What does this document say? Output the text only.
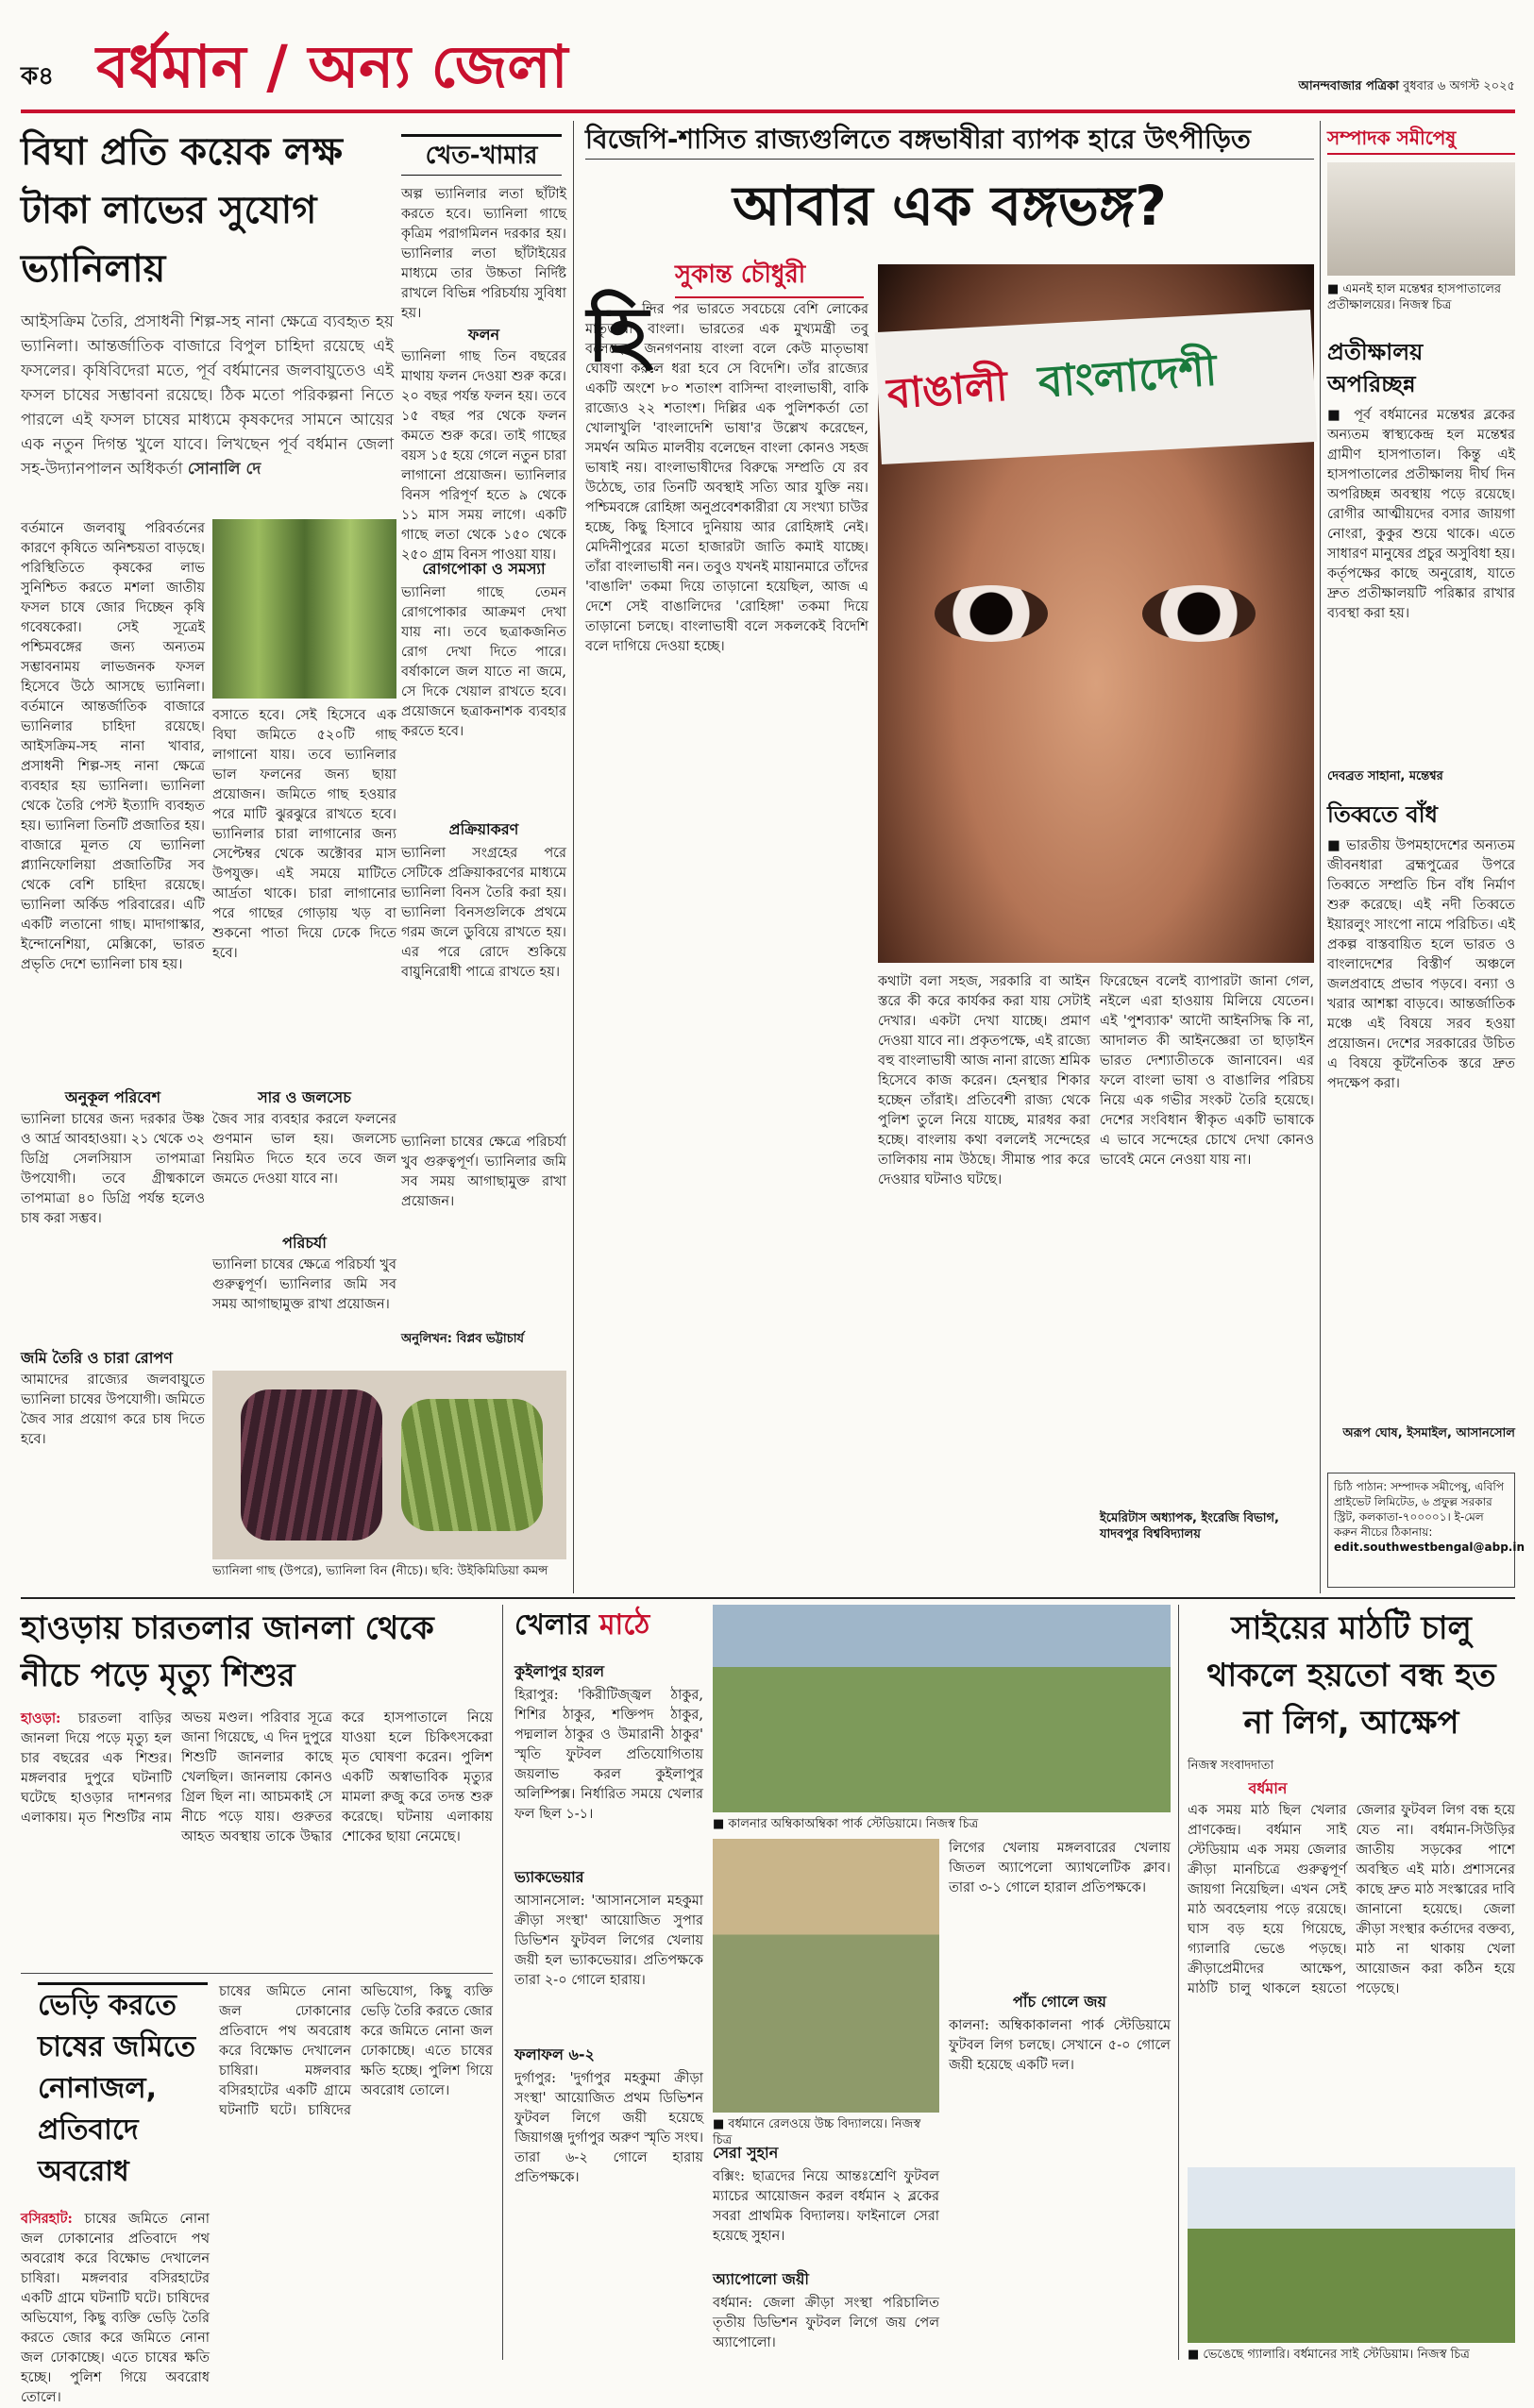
ক৪ বর্ধমান / অন্য জেলা	আনন্দবাজার পত্রিকা বুধবার ৬ অগস্ট ২০২৫
বিঘা প্রতি কয়েক লক্ষ টাকা লাভের সুযোগ ভ্যানিলায়
খেত-খামার
অল্প ভ্যানিলার লতা ছাঁটাই করতে হবে। ভ্যানিলা গাছে কৃত্রিম পরাগমিলন দরকার হয়। ভ্যানিলার লতা ছাঁটাইয়ের মাধ্যমে তার উচ্চতা নির্দিষ্ট রাখলে বিভিন্ন পরিচর্যায় সুবিধা হয়।
ফলন
ভ্যানিলা গাছ তিন বছরের মাথায় ফলন দেওয়া শুরু করে। ২০ বছর পর্যন্ত ফলন হয়। তবে ১৫ বছর পর থেকে ফলন কমতে শুরু করে। তাই গাছের বয়স ১৫ হয়ে গেলে নতুন চারা লাগানো প্রয়োজন। ভ্যানিলার বিনস পরিপূর্ণ হতে ৯ থেকে ১১ মাস সময় লাগে। একটি গাছে লতা থেকে ১৫০ থেকে ২৫০ গ্রাম বিনস পাওয়া যায়।
রোগপোকা ও সমস্যা
ভ্যানিলা গাছে তেমন রোগপোকার আক্রমণ দেখা যায় না। তবে ছত্রাকজনিত রোগ দেখা দিতে পারে। বর্ষাকালে জল যাতে না জমে, সে দিকে খেয়াল রাখতে হবে। প্রয়োজনে ছত্রাকনাশক ব্যবহার করতে হবে।
প্রক্রিয়াকরণ
ভ্যানিলা সংগ্রহের পরে সেটিকে প্রক্রিয়াকরণের মাধ্যমে ভ্যানিলা বিনস তৈরি করা হয়। ভ্যানিলা বিনসগুলিকে প্রথমে গরম জলে ডুবিয়ে রাখতে হয়। এর পরে রোদে শুকিয়ে বায়ুনিরোধী পাত্রে রাখতে হয়।
ভ্যানিলা চাষের ক্ষেত্রে পরিচর্যা খুব গুরুত্বপূর্ণ। ভ্যানিলার জমি সব সময় আগাছামুক্ত রাখা প্রয়োজন।
অনুলিখন: বিপ্লব ভট্টাচার্য
আইসক্রিম তৈরি, প্রসাধনী শিল্প-সহ নানা ক্ষেত্রে ব্যবহৃত হয় ভ্যানিলা। আন্তর্জাতিক বাজারে বিপুল চাহিদা রয়েছে এই ফসলের। কৃষিবিদেরা মতে, পূর্ব বর্ধমানের জলবায়ুতেও এই ফসল চাষের সম্ভাবনা রয়েছে। ঠিক মতো পরিকল্পনা নিতে পারলে এই ফসল চাষের মাধ্যমে কৃষকদের সামনে আয়ের এক নতুন দিগন্ত খুলে যাবে। লিখছেন পূর্ব বর্ধমান জেলা সহ-উদ্যানপালন অধিকর্তা সোনালি দে
বর্তমানে জলবায়ু পরিবর্তনের কারণে কৃষিতে অনিশ্চয়তা বাড়ছে। পরিস্থিতিতে কৃষকের লাভ সুনিশ্চিত করতে মশলা জাতীয় ফসল চাষে জোর দিচ্ছেন কৃষি গবেষকেরা। সেই সূত্রেই পশ্চিমবঙ্গের জন্য অন্যতম সম্ভাবনাময় লাভজনক ফসল হিসেবে উঠে আসছে ভ্যানিলা। বর্তমানে আন্তর্জাতিক বাজারে ভ্যানিলার চাহিদা রয়েছে। আইসক্রিম-সহ নানা খাবার, প্রসাধনী শিল্প-সহ নানা ক্ষেত্রে ব্যবহার হয় ভ্যানিলা। ভ্যানিলা থেকে তৈরি পেস্ট ইত্যাদি ব্যবহৃত হয়। ভ্যানিলা তিনটি প্রজাতির হয়। বাজারে মূলত যে ভ্যানিলা প্ল্যানিফোলিয়া প্রজাতিটির সব থেকে বেশি চাহিদা রয়েছে। ভ্যানিলা অর্কিড পরিবারের। এটি একটি লতানো গাছ। মাদাগাস্কার, ইন্দোনেশিয়া, মেক্সিকো, ভারত প্রভৃতি দেশে ভ্যানিলা চাষ হয়।
বসাতে হবে। সেই হিসেবে এক বিঘা জমিতে ৫২০টি গাছ লাগানো যায়। তবে ভ্যানিলার ভাল ফলনের জন্য ছায়া প্রয়োজন। জমিতে গাছ হওয়ার পরে মাটি ঝুরঝুরে রাখতে হবে। ভ্যানিলার চারা লাগানোর জন্য সেপ্টেম্বর থেকে অক্টোবর মাস উপযুক্ত। এই সময়ে মাটিতে আর্দ্রতা থাকে। চারা লাগানোর পরে গাছের গোড়ায় খড় বা শুকনো পাতা দিয়ে ঢেকে দিতে হবে।
অনুকূল পরিবেশ
ভ্যানিলা চাষের জন্য দরকার উষ্ণ ও আর্দ্র আবহাওয়া। ২১ থেকে ৩২ ডিগ্রি সেলসিয়াস তাপমাত্রা উপযোগী। তবে গ্রীষ্মকালে তাপমাত্রা ৪০ ডিগ্রি পর্যন্ত হলেও চাষ করা সম্ভব।
সার ও জলসেচ
জৈব সার ব্যবহার করলে ফলনের গুণমান ভাল হয়। জলসেচ নিয়মিত দিতে হবে তবে জল জমতে দেওয়া যাবে না।
পরিচর্যা
ভ্যানিলা চাষের ক্ষেত্রে পরিচর্যা খুব গুরুত্বপূর্ণ। ভ্যানিলার জমি সব সময় আগাছামুক্ত রাখা প্রয়োজন।
জমি তৈরি ও চারা রোপণ
আমাদের রাজ্যের জলবায়ুতে ভ্যানিলা চাষের উপযোগী। জমিতে জৈব সার প্রয়োগ করে চাষ দিতে হবে।
ভ্যানিলা গাছ (উপরে), ভ্যানিলা বিন (নীচে)। ছবি: উইকিমিডিয়া কমন্স
বিজেপি-শাসিত রাজ্যগুলিতে বঙ্গভাষীরা ব্যাপক হারে উৎপীড়িত
আবার এক বঙ্গভঙ্গ?
সুকান্ত চৌধুরী
হি
ন্দির পর ভারতে সবচেয়ে বেশি লোকের মাতৃভাষা বাংলা। ভারতের এক মুখ্যমন্ত্রী তবু বলেছেন, জনগণনায় বাংলা বলে কেউ মাতৃভাষা ঘোষণা করলে ধরা হবে সে বিদেশি। তাঁর রাজ্যের একটি অংশে ৮০ শতাংশ বাসিন্দা বাংলাভাষী, বাকি রাজ্যেও ২২ শতাংশ। দিল্লির এক পুলিশকর্তা তো খোলাখুলি 'বাংলাদেশি ভাষা'র উল্লেখ করেছেন, সমর্থন অমিত মালবীয় বলেছেন বাংলা কোনও সহজ ভাষাই নয়। বাংলাভাষীদের বিরুদ্ধে সম্প্রতি যে রব উঠেছে, তার তিনটি অবস্থাই সত্যি আর যুক্তি নয়। পশ্চিমবঙ্গে রোহিঙ্গা অনুপ্রবেশকারীরা যে সংখ্যা চাউর হচ্ছে, কিছু হিসাবে দুনিয়ায় আর রোহিঙ্গাই নেই। মেদিনীপুরের মতো হাজারটা জাতি কমাই যাচ্ছে। তাঁরা বাংলাভাষী নন। তবুও যখনই মায়ানমারে তাঁদের 'বাঙালি' তকমা দিয়ে তাড়ানো হয়েছিল, আজ এ দেশে সেই বাঙালিদের 'রোহিঙ্গা' তকমা দিয়ে তাড়ানো চলছে। বাংলাভাষী বলে সকলকেই বিদেশি বলে দাগিয়ে দেওয়া হচ্ছে।
বাঙালী বাংলাদেশী
কথাটা বলা সহজ, সরকারি বা আইন স্তরে কী করে কার্যকর করা যায় সেটাই দেখার। একটা দেখা যাচ্ছে। প্রমাণ দেওয়া যাবে না। প্রকৃতপক্ষে, এই রাজ্যে বহু বাংলাভাষী আজ নানা রাজ্যে শ্রমিক হিসেবে কাজ করেন। হেনস্থার শিকার হচ্ছেন তাঁরাই। প্রতিবেশী রাজ্য থেকে পুলিশ তুলে নিয়ে যাচ্ছে, মারধর করা হচ্ছে। বাংলায় কথা বললেই সন্দেহের তালিকায় নাম উঠছে। সীমান্ত পার করে দেওয়ার ঘটনাও ঘটছে।
ফিরেছেন বলেই ব্যাপারটা জানা গেল, নইলে এরা হাওয়ায় মিলিয়ে যেতেন। এই 'পুশব্যাক' আদৌ আইনসিদ্ধ কি না, আদালত কী আইনজ্ঞেরা তা ছাড়াইন ভারত দেশ্যাতীতকে জানাবেন। এর ফলে বাংলা ভাষা ও বাঙালির পরিচয় নিয়ে এক গভীর সংকট তৈরি হয়েছে। দেশের সংবিধান স্বীকৃত একটি ভাষাকে এ ভাবে সন্দেহের চোখে দেখা কোনও ভাবেই মেনে নেওয়া যায় না।
ইমেরিটাস অধ্যাপক, ইংরেজি বিভাগ, যাদবপুর বিশ্ববিদ্যালয়
সম্পাদক সমীপেষু
■ এমনই হাল মন্তেশ্বর হাসপাতালের প্রতীক্ষালয়ের। নিজস্ব চিত্র
প্রতীক্ষালয় অপরিচ্ছন্ন
■ পূর্ব বর্ধমানের মন্তেশ্বর ব্লকের অন্যতম স্বাস্থ্যকেন্দ্র হল মন্তেশ্বর গ্রামীণ হাসপাতাল। কিন্তু এই হাসপাতালের প্রতীক্ষালয় দীর্ঘ দিন অপরিচ্ছন্ন অবস্থায় পড়ে রয়েছে। রোগীর আত্মীয়দের বসার জায়গা নোংরা, কুকুর শুয়ে থাকে। এতে সাধারণ মানুষের প্রচুর অসুবিধা হয়। কর্তৃপক্ষের কাছে অনুরোধ, যাতে দ্রুত প্রতীক্ষালয়টি পরিষ্কার রাখার ব্যবস্থা করা হয়।
দেবব্রত সাহানা, মন্তেশ্বর
তিব্বতে বাঁধ
■ ভারতীয় উপমহাদেশের অন্যতম জীবনধারা ব্রহ্মপুত্রের উপরে তিব্বতে সম্প্রতি চিন বাঁধ নির্মাণ শুরু করেছে। এই নদী তিব্বতে ইয়ারলুং সাংপো নামে পরিচিত। এই প্রকল্প বাস্তবায়িত হলে ভারত ও বাংলাদেশের বিস্তীর্ণ অঞ্চলে জলপ্রবাহে প্রভাব পড়বে। বন্যা ও খরার আশঙ্কা বাড়বে। আন্তর্জাতিক মঞ্চে এই বিষয়ে সরব হওয়া প্রয়োজন। দেশের সরকারের উচিত এ বিষয়ে কূটনৈতিক স্তরে দ্রুত পদক্ষেপ করা।
অরূপ ঘোষ, ইসমাইল, আসানসোল
চিঠি পাঠান: সম্পাদক সমীপেষু, এবিপি প্রাইভেট লিমিটেড, ৬ প্রফুল্ল সরকার স্ট্রিট, কলকাতা-৭০০০০১। ই-মেল করুন নীচের ঠিকানায়:
edit.southwestbengal@abp.in
হাওড়ায় চারতলার জানলা থেকে নীচে পড়ে মৃত্যু শিশুর
হাওড়া: চারতলা বাড়ির জানলা দিয়ে পড়ে মৃত্যু হল চার বছরের এক শিশুর। মঙ্গলবার দুপুরে ঘটনাটি ঘটেছে হাওড়ার দাশনগর এলাকায়। মৃত শিশুটির নাম অভয় মণ্ডল। পরিবার সূত্রে জানা গিয়েছে, এ দিন দুপুরে শিশুটি জানলার কাছে খেলছিল। জানলায় কোনও গ্রিল ছিল না। আচমকাই সে নীচে পড়ে যায়। গুরুতর আহত অবস্থায় তাকে উদ্ধার করে হাসপাতালে নিয়ে যাওয়া হলে চিকিৎসকেরা মৃত ঘোষণা করেন। পুলিশ একটি অস্বাভাবিক মৃত্যুর মামলা রুজু করে তদন্ত শুরু করেছে। ঘটনায় এলাকায় শোকের ছায়া নেমেছে।
ভেড়ি করতে চাষের জমিতে নোনাজল, প্রতিবাদে অবরোধ
বসিরহাট: চাষের জমিতে নোনা জল ঢোকানোর প্রতিবাদে পথ অবরোধ করে বিক্ষোভ দেখালেন চাষিরা। মঙ্গলবার বসিরহাটের একটি গ্রামে ঘটনাটি ঘটে। চাষিদের অভিযোগ, কিছু ব্যক্তি ভেড়ি তৈরি করতে জোর করে জমিতে নোনা জল ঢোকাচ্ছে। এতে চাষের ক্ষতি হচ্ছে। পুলিশ গিয়ে অবরোধ তোলে।
চাষের জমিতে নোনা জল ঢোকানোর প্রতিবাদে পথ অবরোধ করে বিক্ষোভ দেখালেন চাষিরা। মঙ্গলবার বসিরহাটের একটি গ্রামে ঘটনাটি ঘটে। চাষিদের অভিযোগ, কিছু ব্যক্তি ভেড়ি তৈরি করতে জোর করে জমিতে নোনা জল ঢোকাচ্ছে। এতে চাষের ক্ষতি হচ্ছে। পুলিশ গিয়ে অবরোধ তোলে।
খেলার মাঠে
কুইলাপুর হারল
হিরাপুর: 'কিরীটিজ্জ্বল ঠাকুর, শিশির ঠাকুর, শক্তিপদ ঠাকুর, পদ্মলাল ঠাকুর ও উমারানী ঠাকুর' স্মৃতি ফুটবল প্রতিযোগিতায় জয়লাভ করল কুইলাপুর অলিম্পিক্স। নির্ধারিত সময়ে খেলার ফল ছিল ১-১।
ভ্যাকভেয়ার
আসানসোল: 'আসানসোল মহকুমা ক্রীড়া সংস্থা' আয়োজিত সুপার ডিভিশন ফুটবল লিগের খেলায় জয়ী হল ভ্যাকভেয়ার। প্রতিপক্ষকে তারা ২-০ গোলে হারায়।
ফলাফল ৬-২
দুর্গাপুর: 'দুর্গাপুর মহকুমা ক্রীড়া সংস্থা' আয়োজিত প্রথম ডিভিশন ফুটবল লিগে জয়ী হয়েছে জিয়াগঞ্জ দুর্গাপুর অরুণ স্মৃতি সংঘ। তারা ৬-২ গোলে হারায় প্রতিপক্ষকে।
■ কালনার অম্বিকাঅম্বিকা পার্ক স্টেডিয়ামে। নিজস্ব চিত্র
■ বর্ধমানে রেলওয়ে উচ্চ বিদ্যালয়ে। নিজস্ব চিত্র
সেরা সুহান
বক্সিং: ছাত্রদের নিয়ে আন্তঃশ্রেণি ফুটবল ম্যাচের আয়োজন করল বর্ধমান ২ ব্লকের সবরা প্রাথমিক বিদ্যালয়। ফাইনালে সেরা হয়েছে সুহান।
অ্যাপোলো জয়ী
বর্ধমান: জেলা ক্রীড়া সংস্থা পরিচালিত তৃতীয় ডিভিশন ফুটবল লিগে জয় পেল অ্যাপোলো।
লিগের খেলায় মঙ্গলবারের খেলায় জিতল অ্যাপেলো অ্যাথলেটিক ক্লাব। তারা ৩-১ গোলে হারাল প্রতিপক্ষকে।
পাঁচ গোলে জয়
কালনা: অম্বিকাকালনা পার্ক স্টেডিয়ামে ফুটবল লিগ চলছে। সেখানে ৫-০ গোলে জয়ী হয়েছে একটি দল।
সাইয়ের মাঠটি চালু থাকলে হয়তো বন্ধ হত না লিগ, আক্ষেপ
নিজস্ব সংবাদদাতা
বর্ধমান
এক সময় মাঠ ছিল খেলার প্রাণকেন্দ্র। বর্ধমান সাই স্টেডিয়াম এক সময় জেলার ক্রীড়া মানচিত্রে গুরুত্বপূর্ণ জায়গা নিয়েছিল। এখন সেই মাঠ অবহেলায় পড়ে রয়েছে। ঘাস বড় হয়ে গিয়েছে, গ্যালারি ভেঙে পড়ছে। ক্রীড়াপ্রেমীদের আক্ষেপ, মাঠটি চালু থাকলে হয়তো জেলার ফুটবল লিগ বন্ধ হয়ে যেত না। বর্ধমান-সিউড়ির জাতীয় সড়কের পাশে অবস্থিত এই মাঠ। প্রশাসনের কাছে দ্রুত মাঠ সংস্কারের দাবি জানানো হয়েছে। জেলা ক্রীড়া সংস্থার কর্তাদের বক্তব্য, মাঠ না থাকায় খেলা আয়োজন করা কঠিন হয়ে পড়েছে।
■ ভেঙেছে গ্যালারি। বর্ধমানের সাই স্টেডিয়াম। নিজস্ব চিত্র
